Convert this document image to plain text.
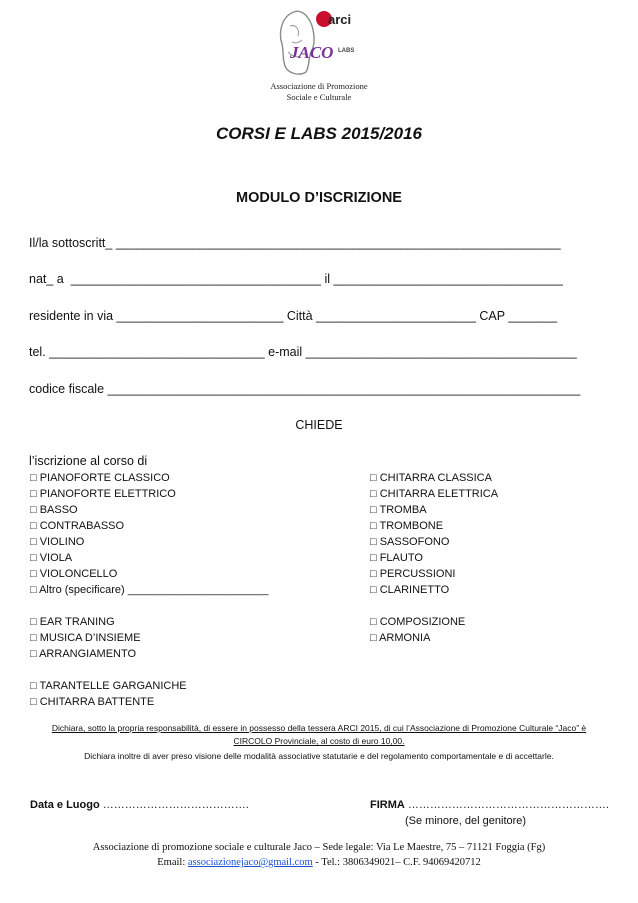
arci
JACO LABS
Associazione di Promozione
Sociale e Culturale
CORSI E LABS 2015/2016
MODULO D’ISCRIZIONE
Il/la sottoscritt_ ________________________________________________________________
nat_ a  ____________________________________ il _________________________________
residente in via ________________________ Città _______________________ CAP _______
tel. _______________________________ e-mail _______________________________________
codice fiscale ____________________________________________________________________
CHIEDE
l’iscrizione al corso di
□ PIANOFORTE CLASSICO
□ PIANOFORTE ELETTRICO
□ BASSO
□ CONTRABASSO
□ VIOLINO
□ VIOLA
□ VIOLONCELLO
□ Altro (specificare) _______________________
□ CHITARRA CLASSICA
□ CHITARRA ELETTRICA
□ TROMBA
□ TROMBONE
□ SASSOFONO
□ FLAUTO
□ PERCUSSIONI
□ CLARINETTO
□ EAR TRANING
□ MUSICA D’INSIEME
□ ARRANGIAMENTO
□ COMPOSIZIONE
□ ARMONIA
□ TARANTELLE GARGANICHE
□ CHITARRA BATTENTE
Dichiara, sotto la propria responsabilità, di essere in possesso della tessera ARCI 2015, di cui l’Associazione di Promozione Culturale “Jaco” è
CIRCOLO Provinciale, al costo di euro 10,00.
Dichiara inoltre di aver preso visione delle modalità associative statutarie e del regolamento comportamentale e di accettarle.
Data e Luogo ………………………………….	FIRMA ……………………………………………….
(Se minore, del genitore)
Associazione di promozione sociale e culturale Jaco – Sede legale: Via Le Maestre, 75 – 71121 Foggia (Fg)
Email: associazionejaco@gmail.com - Tel.: 3806349021– C.F. 94069420712
